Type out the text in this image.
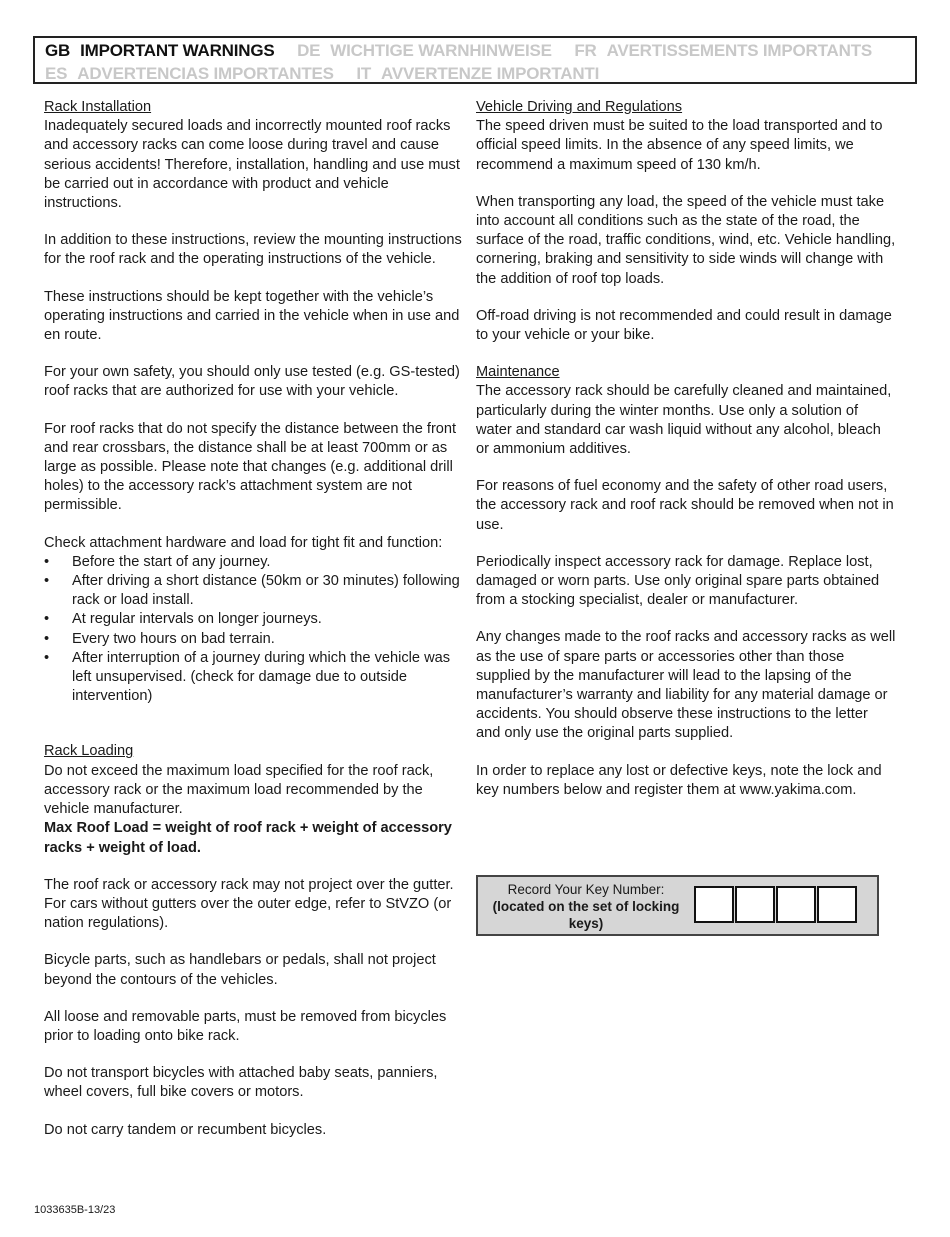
GB IMPORTANT WARNINGS DE WICHTIGE WARNHINWEISE FR AVERTISSEMENTS IMPORTANTS
ES ADVERTENCIAS IMPORTANTES IT AVVERTENZE IMPORTANTI

Rack Installation

Inadequately secured loads and incorrectly mounted roof racks and accessory racks can come loose during travel and cause serious accidents! Therefore, installation, handling and use must be carried out in accordance with product and vehicle instructions.

In addition to these instructions, review the mounting instructions for the roof rack and the operating instructions of the vehicle.

These instructions should be kept together with the vehicle’s operating instructions and carried in the vehicle when in use and en route.

For your own safety, you should only use tested (e.g. GS-tested) roof racks that are authorized for use with your vehicle.

For roof racks that do not specify the distance between the front and rear crossbars, the distance shall be at least 700mm or as large as possible. Please note that changes (e.g. additional drill holes) to the accessory rack’s attachment system are not permissible.

Check attachment hardware and load for tight fit and function:

• Before the start of any journey.
• After driving a short distance (50km or 30 minutes) following rack or load install.
• At regular intervals on longer journeys.
• Every two hours on bad terrain.
• After interruption of a journey during which the vehicle was left unsupervised. (check for damage due to outside intervention)

Rack Loading

Do not exceed the maximum load specified for the roof rack, accessory rack or the maximum load recommended by the vehicle manufacturer.

Max Roof Load = weight of roof rack + weight of accessory racks + weight of load.

The roof rack or accessory rack may not project over the gutter. For cars without gutters over the outer edge, refer to StVZO (or nation regulations).

Bicycle parts, such as handlebars or pedals, shall not project beyond the contours of the vehicles.

All loose and removable parts, must be removed from bicycles prior to loading onto bike rack.

Do not transport bicycles with attached baby seats, panniers, wheel covers, full bike covers or motors.

Do not carry tandem or recumbent bicycles.

Vehicle Driving and Regulations

The speed driven must be suited to the load transported and to official speed limits. In the absence of any speed limits, we recommend a maximum speed of 130 km/h.

When transporting any load, the speed of the vehicle must take into account all conditions such as the state of the road, the surface of the road, traffic conditions, wind, etc. Vehicle handling, cornering, braking and sensitivity to side winds will change with the addition of roof top loads.

Off-road driving is not recommended and could result in damage to your vehicle or your bike.

Maintenance

The accessory rack should be carefully cleaned and maintained, particularly during the winter months. Use only a solution of water and standard car wash liquid without any alcohol, bleach or ammonium additives.

For reasons of fuel economy and the safety of other road users, the accessory rack and roof rack should be removed when not in use.

Periodically inspect accessory rack for damage. Replace lost, damaged or worn parts. Use only original spare parts obtained from a stocking specialist, dealer or manufacturer.

Any changes made to the roof racks and accessory racks as well as the use of spare parts or accessories other than those supplied by the manufacturer will lead to the lapsing of the manufacturer’s warranty and liability for any material damage or accidents. You should observe these instructions to the letter and only use the original parts supplied.

In order to replace any lost or defective keys, note the lock and key numbers below and register them at www.yakima.com.

Record Your Key Number:
(located on the set of locking keys)
1033635B-13/23
